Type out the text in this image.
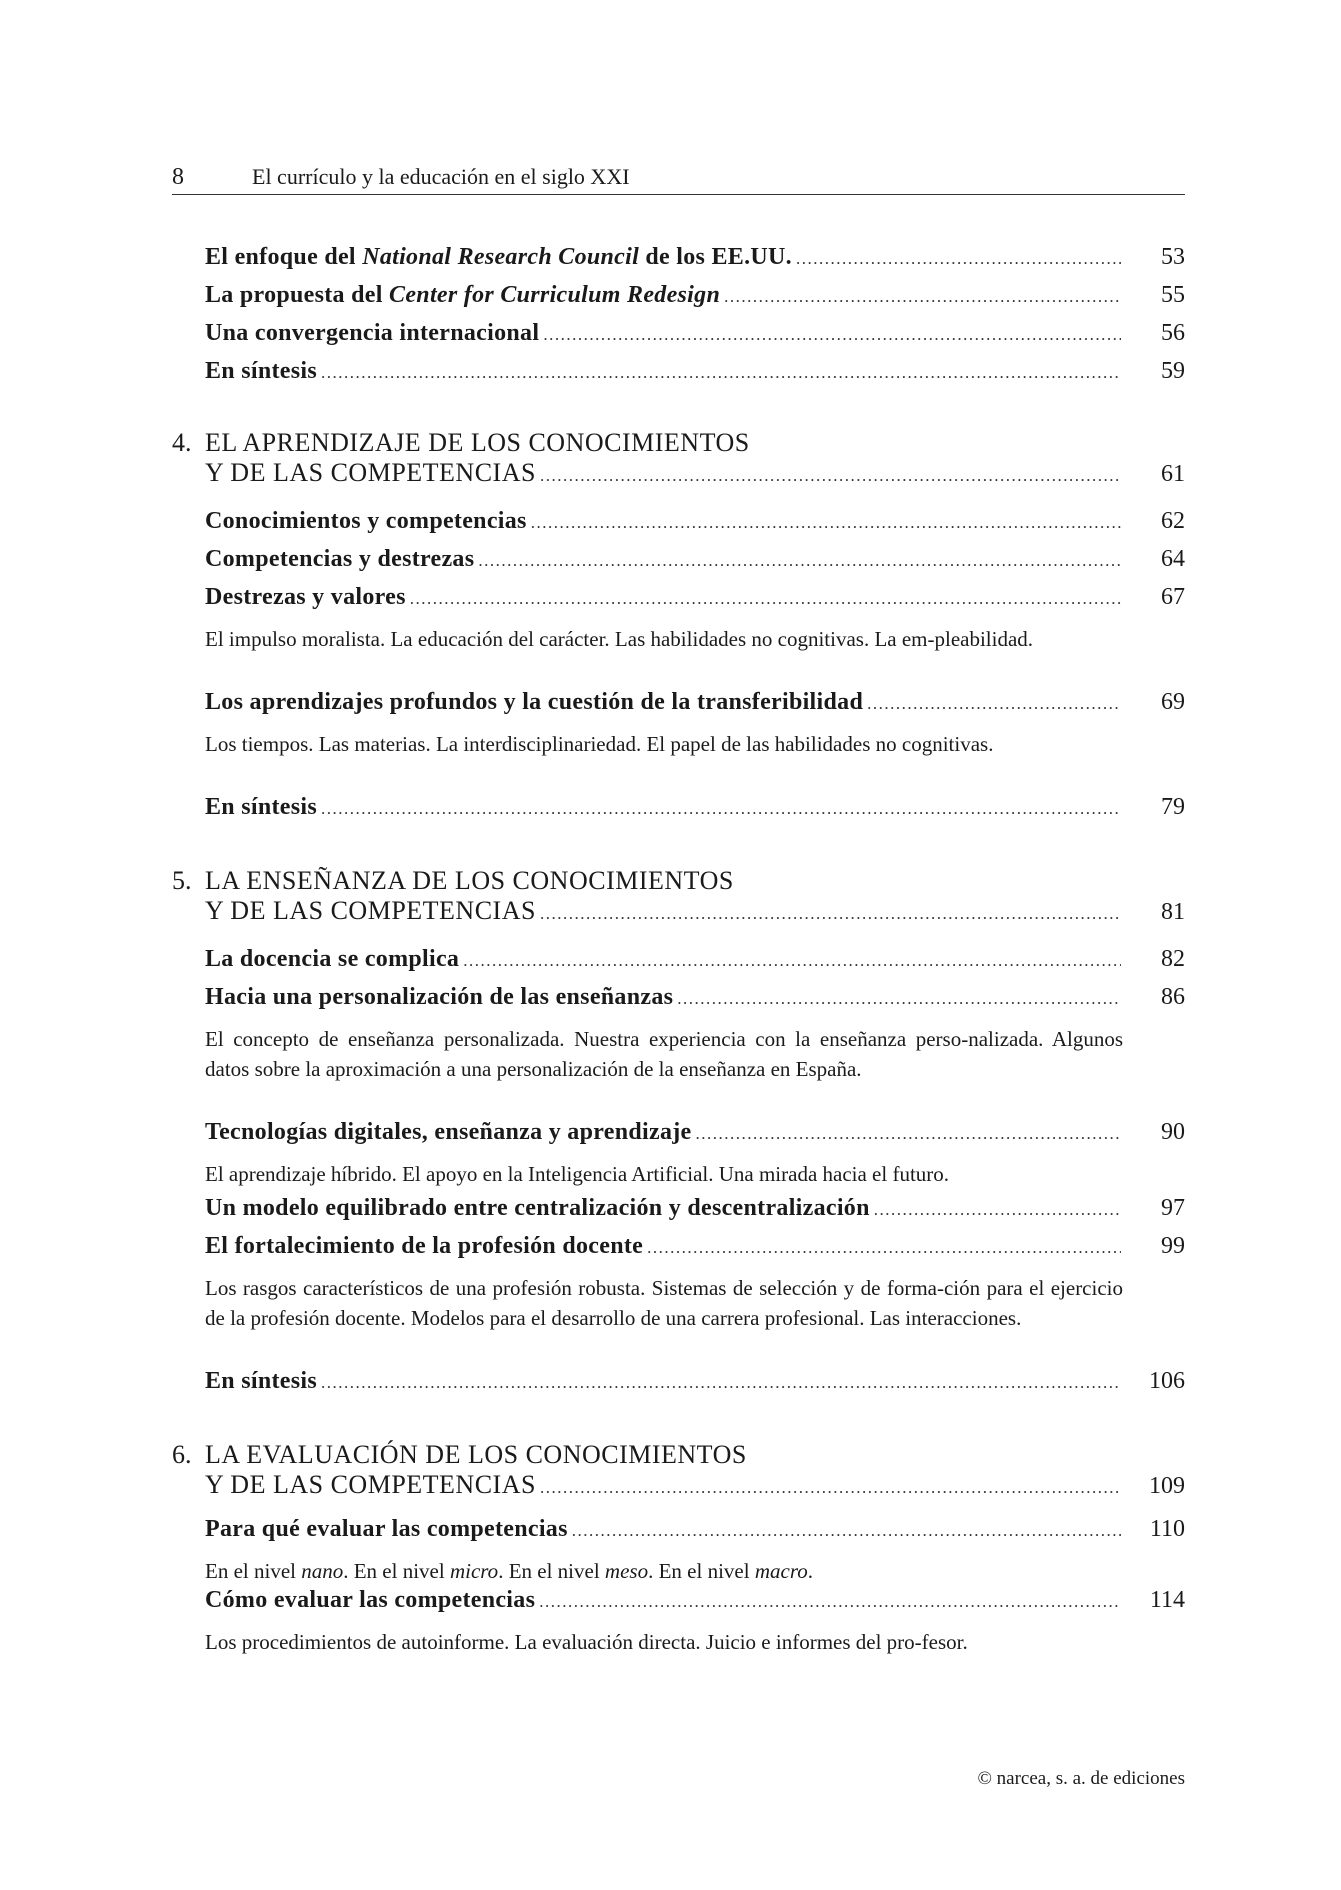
8	El currículo y la educación en el siglo XXI
El enfoque del National Research Council de los EE.UU. .....	53
La propuesta del Center for Curriculum Redesign .....	55
Una convergencia internacional .....	56
En síntesis .....	59
4. EL APRENDIZAJE DE LOS CONOCIMIENTOS
Y DE LAS COMPETENCIAS .....	61
Conocimientos y competencias .....	62
Competencias y destrezas .....	64
Destrezas y valores .....	67
El impulso moralista. La educación del carácter. Las habilidades no cognitivas. La em-pleabilidad.
Los aprendizajes profundos y la cuestión de la transferibilidad .....	69
Los tiempos. Las materias. La interdisciplinariedad. El papel de las habilidades no cognitivas.
En síntesis .....	79
5. LA ENSEÑANZA DE LOS CONOCIMIENTOS
Y DE LAS COMPETENCIAS .....	81
La docencia se complica .....	82
Hacia una personalización de las enseñanzas .....	86
El concepto de enseñanza personalizada. Nuestra experiencia con la enseñanza perso-nalizada. Algunos datos sobre la aproximación a una personalización de la enseñanza en España.
Tecnologías digitales, enseñanza y aprendizaje .....	90
El aprendizaje híbrido. El apoyo en la Inteligencia Artificial. Una mirada hacia el futuro.
Un modelo equilibrado entre centralización y descentralización .....	97
El fortalecimiento de la profesión docente .....	99
Los rasgos característicos de una profesión robusta. Sistemas de selección y de forma-ción para el ejercicio de la profesión docente. Modelos para el desarrollo de una carrera profesional. Las interacciones.
En síntesis .....	106
6. LA EVALUACIÓN DE LOS CONOCIMIENTOS
Y DE LAS COMPETENCIAS .....	109
Para qué evaluar las competencias .....	110
En el nivel nano. En el nivel micro. En el nivel meso. En el nivel macro.
Cómo evaluar las competencias .....	114
Los procedimientos de autoinforme. La evaluación directa. Juicio e informes del pro-fesor.
© narcea, s. a. de ediciones
